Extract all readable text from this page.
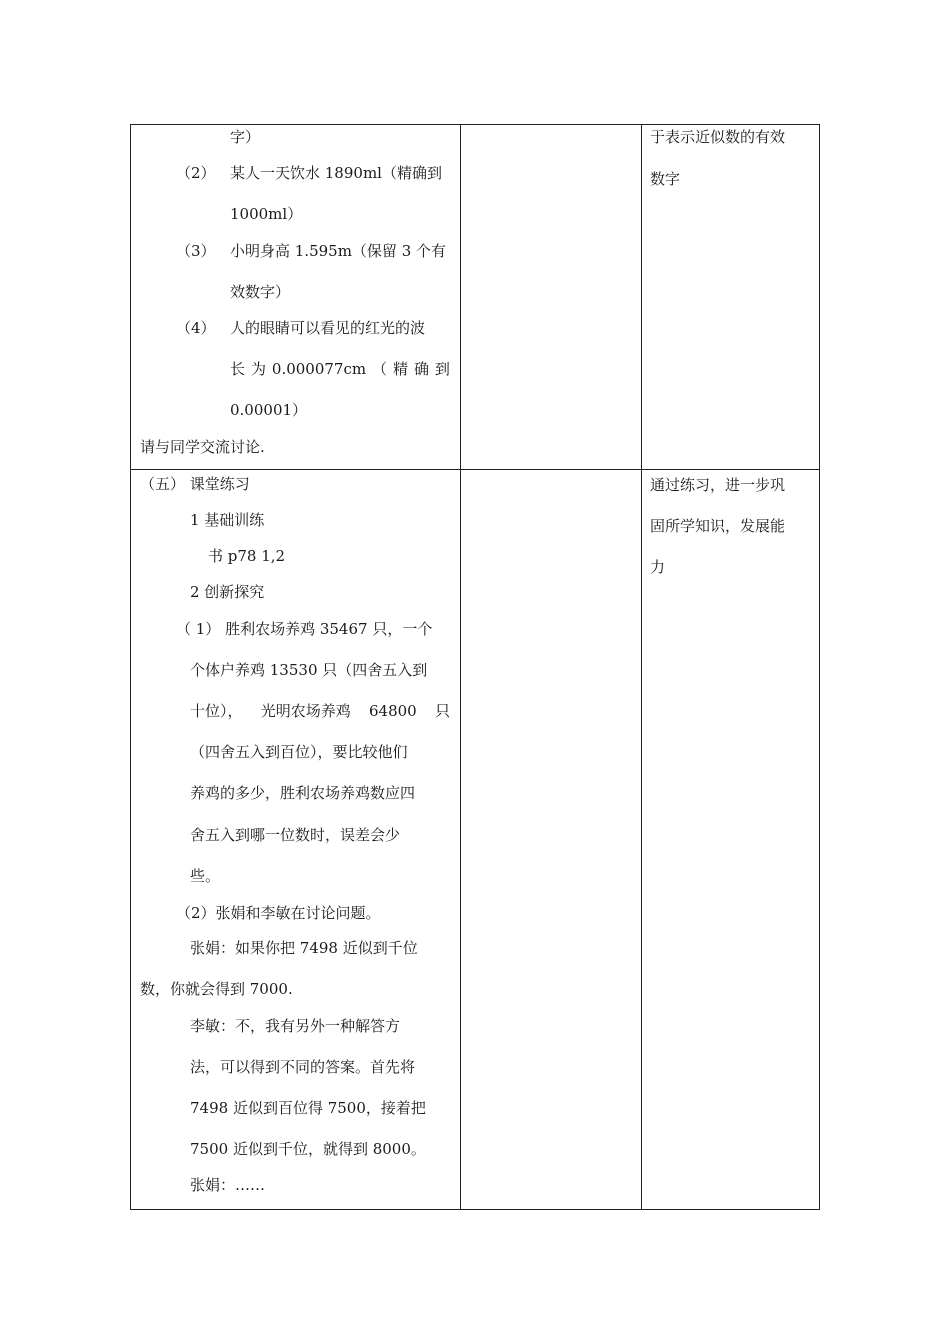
字）
（2） 某人一天饮水 1890ml（精确到
1000ml）
（3） 小明身高 1.595m（保留 3 个有
效数字）
（4） 人的眼睛可以看见的红光的波
长 为 0.000077cm （ 精 确 到
0.00001）
请与同学交流讨论.
于表示近似数的有效
数字
（五） 课堂练习
1 基础训练
书 p78 1,2
2 创新探究
（ 1） 胜利农场养鸡 35467 只，一个
个体户养鸡 13530 只（四舍五入到
十位）， 光明农场养鸡 64800 只
（四舍五入到百位），要比较他们
养鸡的多少，胜利农场养鸡数应四
舍五入到哪一位数时，误差会少
些。
（2）张娟和李敏在讨论问题。
张娟：如果你把 7498 近似到千位
数，你就会得到 7000.
李敏：不，我有另外一种解答方
法，可以得到不同的答案。首先将
7498 近似到百位得 7500，接着把
7500 近似到千位，就得到 8000。
张娟：……
通过练习，进一步巩
固所学知识，发展能
力
